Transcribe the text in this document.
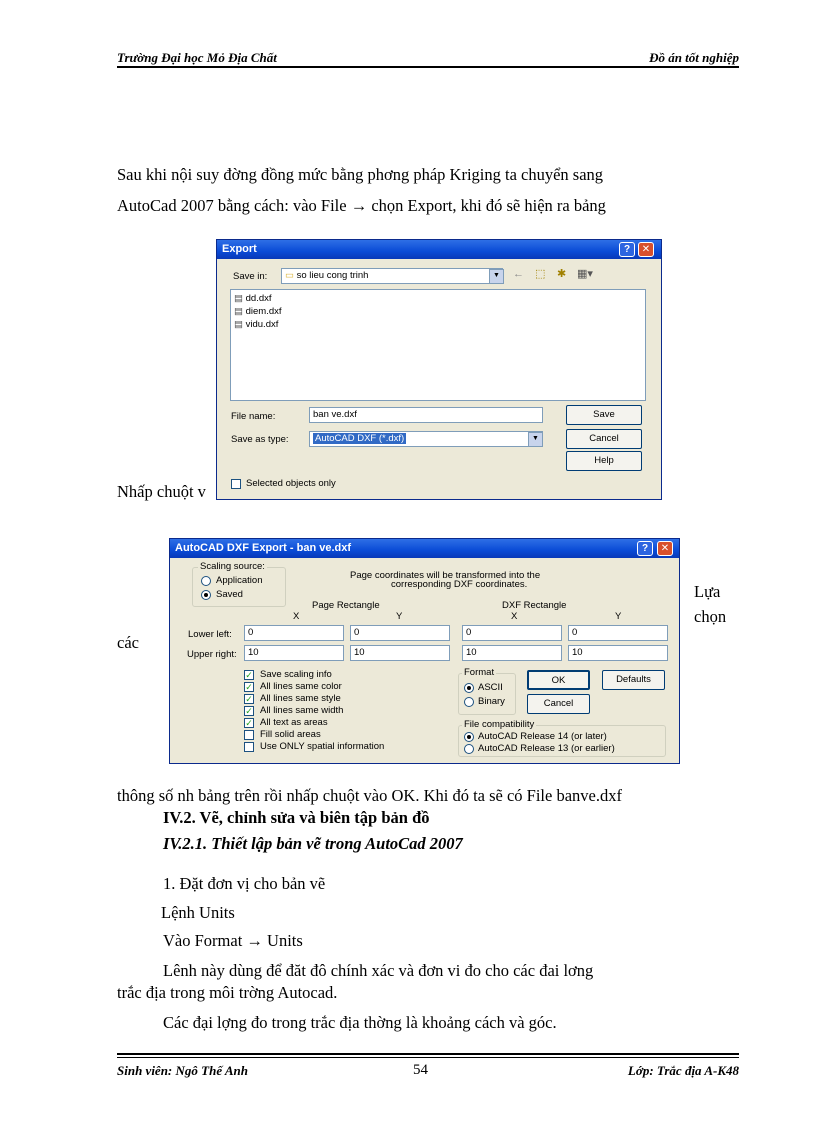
Trường Đại học Mỏ Địa Chất	Đồ án tốt nghiệp
Sau khi nội suy đờng đồng mức bằng phơng pháp Kriging ta chuyển sang
AutoCad 2007 bằng cách: vào File → chọn Export, khi đó sẽ hiện ra bảng
Export	?	✕
Save in:	▭ so lieu cong trinh	▼	← ⬚ ✱ ▦▾
▤ dd.dxf
▤ diem.dxf
▤ vidu.dxf
File name:	ban ve.dxf
Save as type:	AutoCAD DXF (*.dxf)	▼
Save
Cancel
Help
Selected objects only
Nhấp chuột v
AutoCAD DXF Export - ban ve.dxf	?	✕
Scaling source:
Application
Saved
Page coordinates will be transformed into the
corresponding DXF coordinates.
Page Rectangle	DXF Rectangle
X	Y	X	Y
Lower left:	0	0	0	0
Upper right:	10	10	10	10
✓ Save scaling info
✓ All lines same color
✓ All lines same style
✓ All lines same width
✓ All text as areas
Fill solid areas
Use ONLY spatial information
Format
ASCII
Binary
OK
Cancel
Defaults
File compatibility
AutoCAD Release 14 (or later)
AutoCAD Release 13 (or earlier)
Lựa
chọn
các
thông số nh bảng trên rồi nhấp chuột vào OK. Khi đó ta sẽ có File banve.dxf
IV.2. Vẽ, chỉnh sửa và biên tập bản đồ
IV.2.1. Thiết lập bản vẽ trong AutoCad 2007
1. Đặt đơn vị cho bản vẽ
Lệnh Units
Vào Format → Units
Lênh này dùng để đăt đô chính xác và đơn vi đo cho các đai lơng
trắc địa trong môi trờng Autocad.
Các đại lợng đo trong trắc địa thờng là khoảng cách và góc.
Sinh viên: Ngô Thế Anh	54	Lớp: Trắc địa A-K48
